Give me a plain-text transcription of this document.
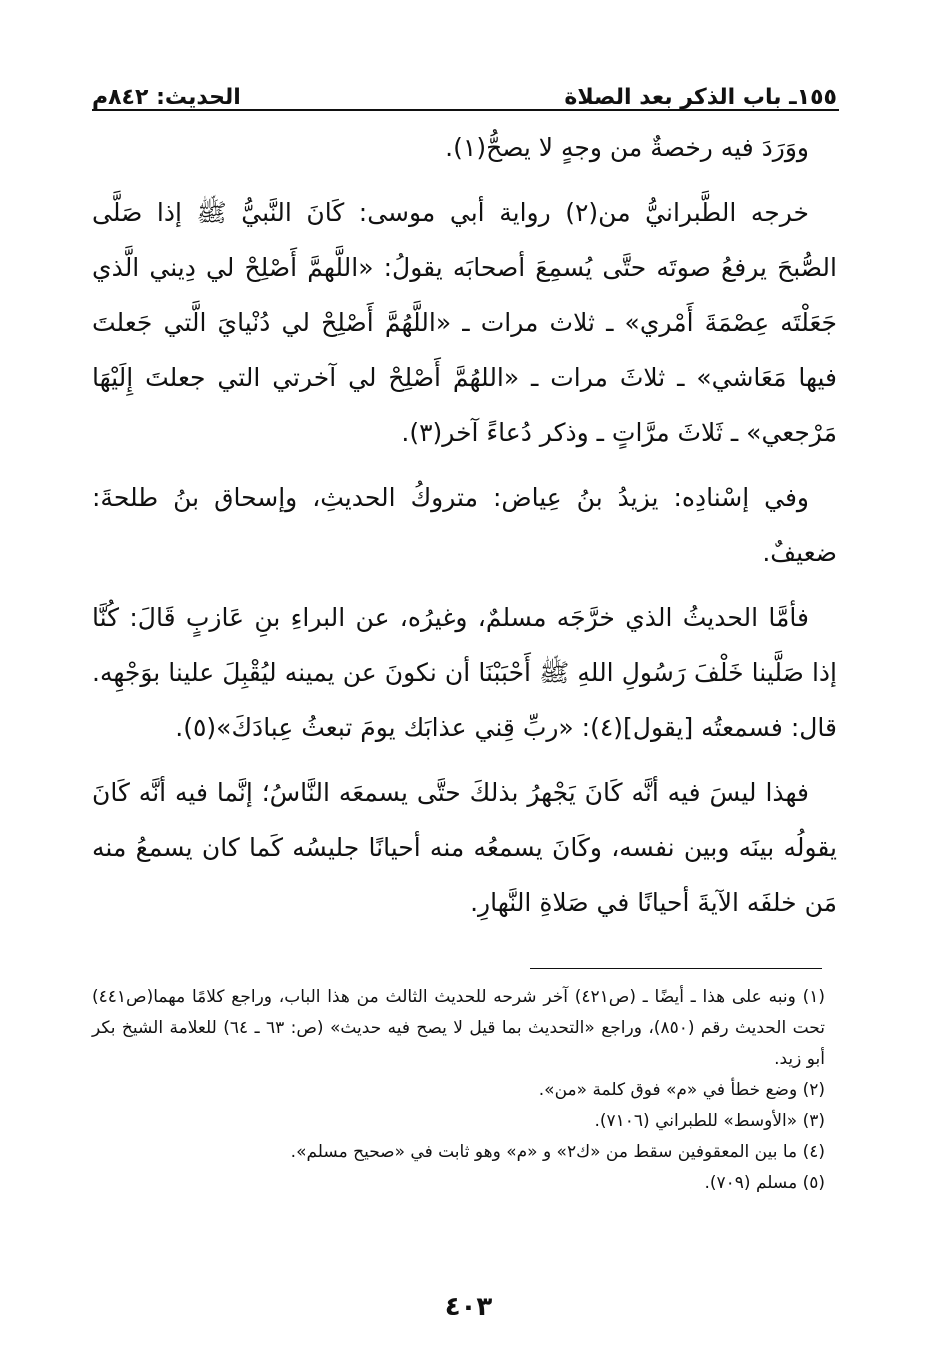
١٥٥ـ باب الذكر بعد الصلاة
الحديث: ٨٤٢م

ووَرَدَ فيه رخصةٌ من وجهٍ لا يصحُّ(١).

خرجه الطَّبرانيُّ من(٢) رواية أبي موسى: كَانَ النَّبيُّ ﷺ إذا صَلَّى الصُّبحَ يرفعُ صوتَه حتَّى يُسمِعَ أصحابَه يقولُ: «اللَّهمَّ أَصْلِحْ لي دِيني الَّذي جَعَلْتَه عِصْمَةَ أَمْري» ـ ثلاث مرات ـ «اللَّهُمَّ أَصْلِحْ لي دُنْيايَ الَّتي جَعلتَ فيها مَعَاشي» ـ ثلاثَ مرات ـ «اللهُمَّ أَصْلِحْ لي آخرتي التي جعلتَ إِلَيْهَا مَرْجعي» ـ ثَلاثَ مرَّاتٍ ـ وذكر دُعاءً آخر(٣).

وفي إسْنادِه: يزيدُ بنُ عِياض: متروكُ الحديثِ، وإسحاق بنُ طلحةَ: ضعيفٌ.

فأمَّا الحديثُ الذي خرَّجَه مسلمٌ، وغيرُه، عن البراءِ بنِ عَازبٍ قَالَ: كُنَّا إذا صَلَّينا خَلْفَ رَسُولِ اللهِ ﷺ أَحْبَبْنَا أن نكونَ عن يمينه ليُقْبِلَ علينا بوَجْهِه. قال: فسمعتُه [يقول](٤): «ربِّ قِني عذابَك يومَ تبعثُ عِبادَكَ»(٥).

فهذا ليسَ فيه أنَّه كَانَ يَجْهرُ بذلكَ حتَّى يسمعَه النَّاسُ؛ إنَّما فيه أنَّه كَانَ يقولُه بينَه وبين نفسه، وكَانَ يسمعُه منه أحيانًا جليسُه كَما كان يسمعُ منه مَن خلفَه الآيةَ أحيانًا في صَلاةِ النَّهارِ.

(١) ونبه على هذا ـ أيضًا ـ (ص٤٢١) آخر شرحه للحديث الثالث من هذا الباب، وراجع كلامًا مهما(ص٤٤١) تحت الحديث رقم (٨٥٠)، وراجع «التحديث بما قيل لا يصح فيه حديث» (ص: ٦٣ ـ ٦٤) للعلامة الشيخ بكر أبو زيد.

(٢) وضع خطأ في «م» فوق كلمة «من».

(٣) «الأوسط» للطبراني (٧١٠٦).

(٤) ما بين المعقوفين سقط من «ك٢» و «م» وهو ثابت في «صحيح مسلم».

(٥) مسلم (٧٠٩).

٤٠٣
